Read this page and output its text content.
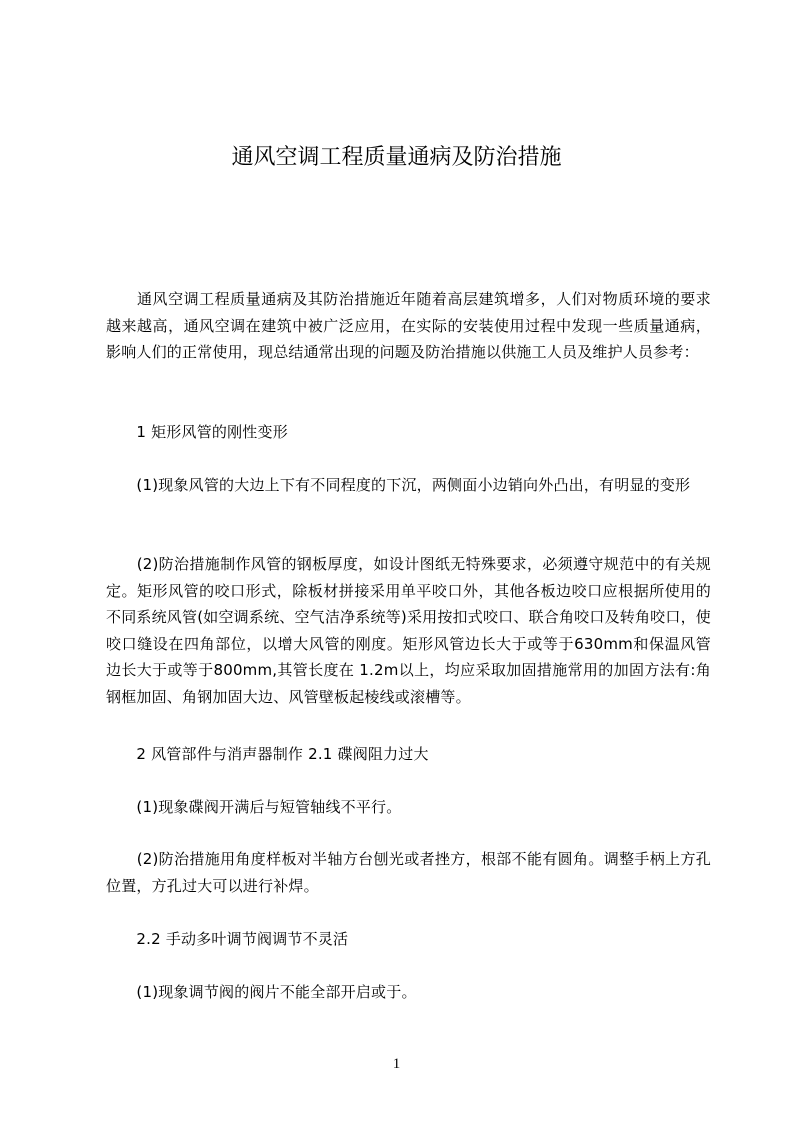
通风空调工程质量通病及防治措施

　　通风空调工程质量通病及其防治措施近年随着高层建筑增多，人们对物质环境的要求越来越高，通风空调在建筑中被广泛应用，在实际的安装使用过程中发现一些质量通病，影响人们的正常使用，现总结通常出现的问题及防治措施以供施工人员及维护人员参考：

　　1 矩形风管的刚性变形

　　(1)现象风管的大边上下有不同程度的下沉，两侧面小边销向外凸出，有明显的变形

　　(2)防治措施制作风管的钢板厚度，如设计图纸无特殊要求，必须遵守规范中的有关规定。矩形风管的咬口形式，除板材拼接采用单平咬口外，其他各板边咬口应根据所使用的不同系统风管(如空调系统、空气洁净系统等)采用按扣式咬口、联合角咬口及转角咬口，使咬口缝设在四角部位，以增大风管的刚度。矩形风管边长大于或等于630mm和保温风管边长大于或等于800mm,其管长度在 1.2m以上，均应采取加固措施常用的加固方法有:角钢框加固、角钢加固大边、风管壁板起棱线或滚槽等。

　　2 风管部件与消声器制作 2.1 碟阀阻力过大

　　(1)现象碟阀开满后与短管轴线不平行。

　　(2)防治措施用角度样板对半轴方台刨光或者挫方，根部不能有圆角。调整手柄上方孔位置，方孔过大可以进行补焊。

　　2.2 手动多叶调节阀调节不灵活

　　(1)现象调节阀的阀片不能全部开启或于。

1
